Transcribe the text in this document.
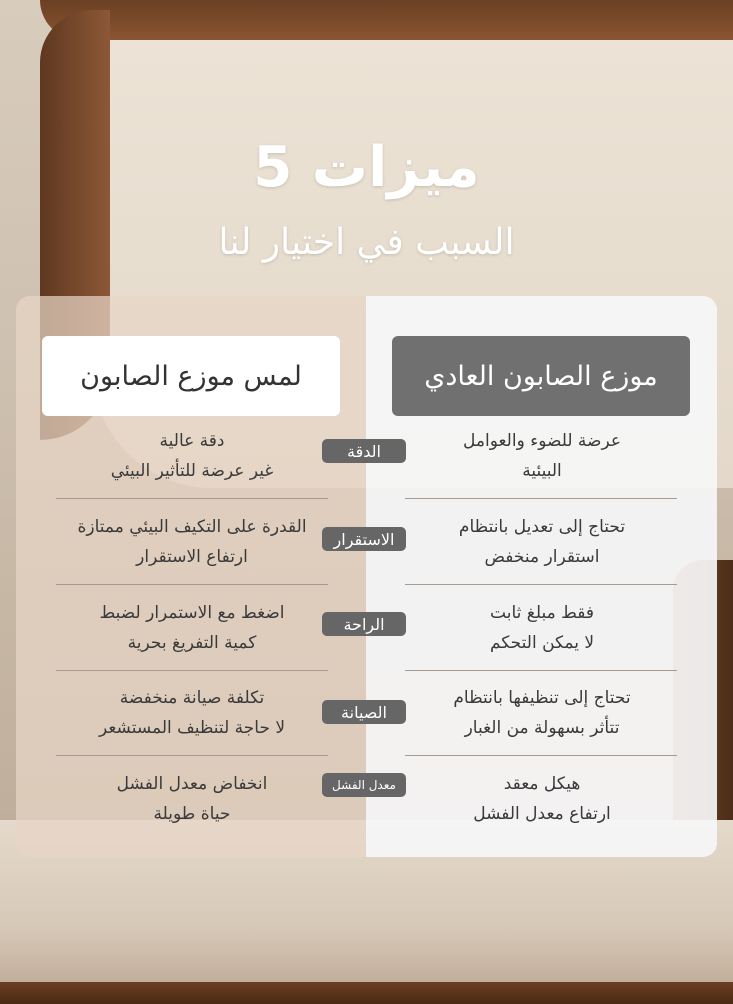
ميزات 5
السبب في اختيار لنا
لمس موزع الصابون	موزع الصابون العادي
دقة عالية
غير عرضة للتأثير البيئي
عرضة للضوء والعوامل
البيئية
الدقة
القدرة على التكيف البيئي ممتازة
ارتفاع الاستقرار
تحتاج إلى تعديل بانتظام
استقرار منخفض
الاستقرار
اضغط مع الاستمرار لضبط
كمية التفريغ بحرية
فقط مبلغ ثابت
لا يمكن التحكم
الراحة
تكلفة صيانة منخفضة
لا حاجة لتنظيف المستشعر
تحتاج إلى تنظيفها بانتظام
تتأثر بسهولة من الغبار
الصيانة
انخفاض معدل الفشل
حياة طويلة
هيكل معقد
ارتفاع معدل الفشل
معدل الفشل
